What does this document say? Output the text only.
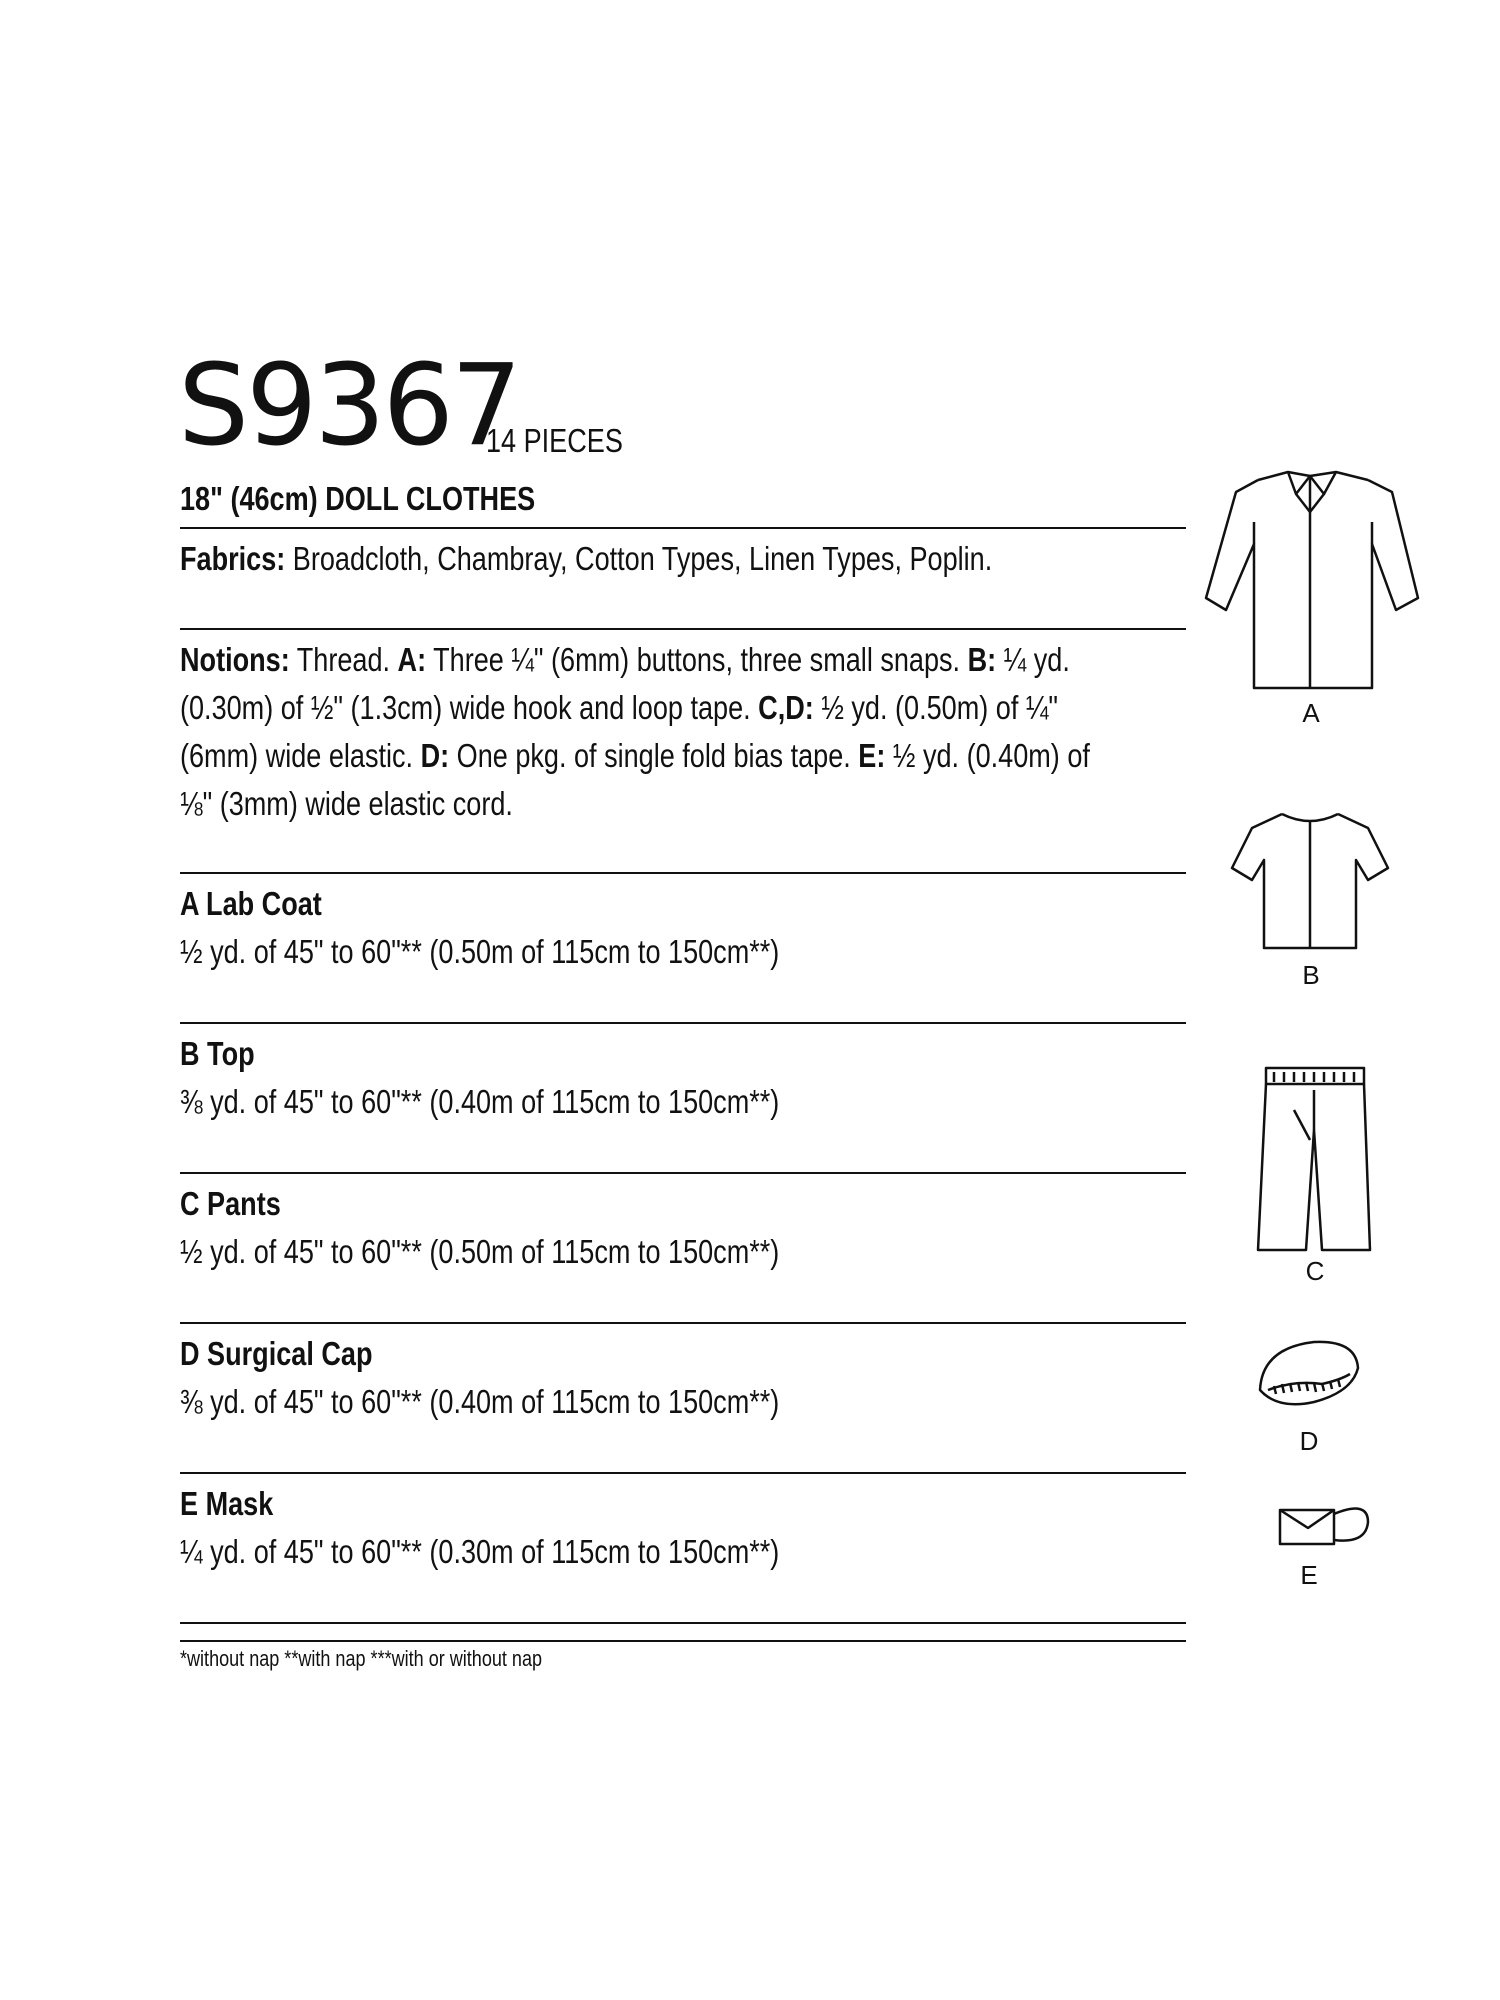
S9367
14 PIECES
18" (46cm) DOLL CLOTHES
Fabrics: Broadcloth, Chambray, Cotton Types, Linen Types, Poplin.
Notions: Thread. A: Three ¼" (6mm) buttons, three small snaps. B: ¼ yd.
(0.30m) of ½" (1.3cm) wide hook and loop tape. C,D: ½ yd. (0.50m) of ¼"
(6mm) wide elastic. D: One pkg. of single fold bias tape. E: ½ yd. (0.40m) of
⅛" (3mm) wide elastic cord.
A Lab Coat
½ yd. of 45" to 60"** (0.50m of 115cm to 150cm**)
B Top
⅜ yd. of 45" to 60"** (0.40m of 115cm to 150cm**)
C Pants
½ yd. of 45" to 60"** (0.50m of 115cm to 150cm**)
D Surgical Cap
⅜ yd. of 45" to 60"** (0.40m of 115cm to 150cm**)
E Mask
¼ yd. of 45" to 60"** (0.30m of 115cm to 150cm**)
*without nap **with nap ***with or without nap
A
B
C
D
E
